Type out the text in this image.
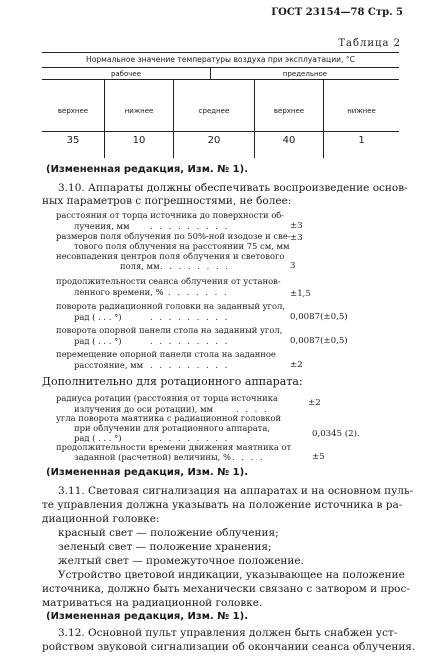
ГОСТ 23154—78 Стр. 5
Таблица 2
Нормальное значение температуры воздуха при эксплуатации, °С
рабочее	предельное
верхнее	нижнее	среднее	верхнее	нижнее
35	10	20	40	1
(Измененная редакция, Изм. № 1).
3.10. Аппараты должны обеспечивать воспроизведение основ-
ных параметров с погрешностями, не более:
расстояния от торца источника до поверхности об-
лучения, мм . . . . . . . . .	±3
размеров поля облучения по 50%-ной изодозе и све-
тового поля облучения на расстоянии 75 см, мм
±3
несовпадения центров поля облучения и светового
поля, мм . . . . . . . .	3
продолжительности сеанса облучения от установ-
ленного времени, % . . . . . . .	±1,5
поворота радиационной головки на заданный угол,
рад ( . . . °)	. . . . . . . . .	0,0087(±0,5)
поворота опорной панели стола на заданный угол,
рад ( . . . °)	. . . . . . . . .	0,0087(±0,5)
перемещение опорной панели стола на заданное
расстояние, мм . . . . . . . . .	±2
Дополнительно для ротационного аппарата:
радиуса ротации (расстояния от торца источника
излучения до оси ротации), мм	. . . .
±2
угла поворота маятника с радиационной головкой
при облучении для ротационного аппарата,
рад ( . . . °)	. . . . . . . . .	0,0345 (2).
продолжительности времени движения маятника от
заданной (расчетной) величины, % . . . .	±5
(Измененная редакция, Изм. № 1).
3.11. Световая сигнализация на аппаратах и на основном пуль-
те управления должна указывать на положение источника в ра-
диационной головке:
красный свет — положение облучения;
зеленый свет — положение хранения;
желтый свет — промежуточное положение.
Устройство цветовой индикации, указывающее на положение
источника, должно быть механически связано с затвором и прос-
матриваться на радиационной головке.
(Измененная редакция, Изм. № 1).
3.12. Основной пульт управления должен быть снабжен уст-
ройством звуковой сигнализации об окончании сеанса облучения.
